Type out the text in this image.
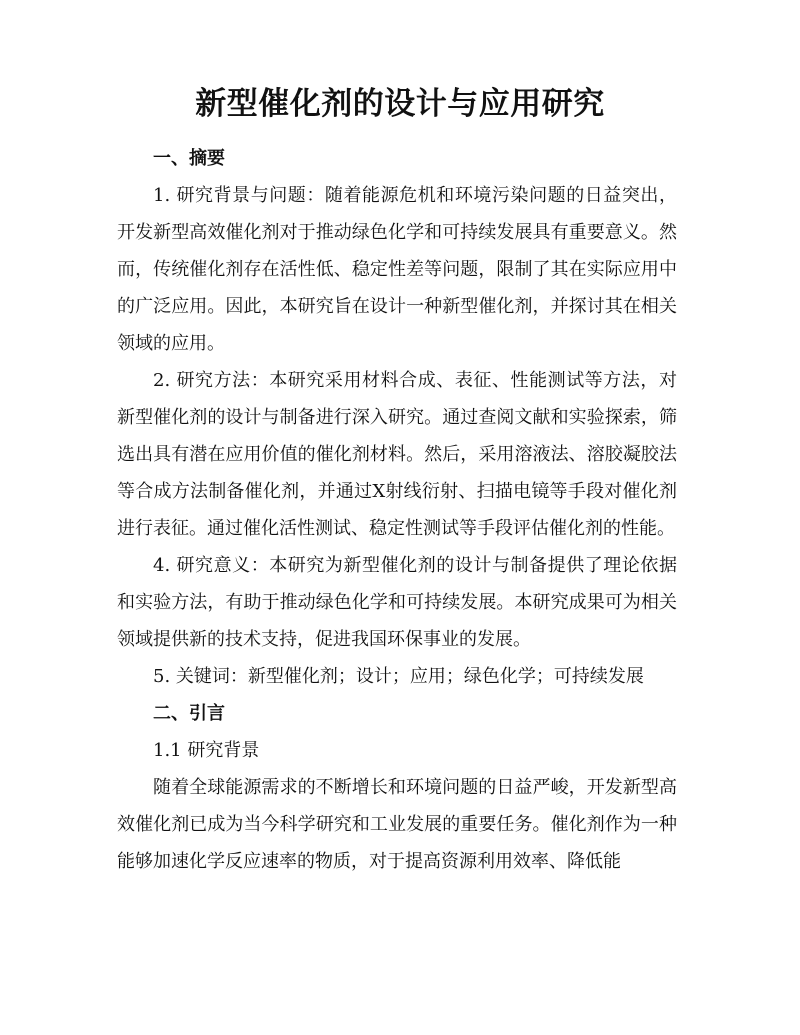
新型催化剂的设计与应用研究

一、摘要

1. 研究背景与问题：随着能源危机和环境污染问题的日益突出，开发新型高效催化剂对于推动绿色化学和可持续发展具有重要意义。然而，传统催化剂存在活性低、稳定性差等问题，限制了其在实际应用中的广泛应用。因此，本研究旨在设计一种新型催化剂，并探讨其在相关领域的应用。

2. 研究方法：本研究采用材料合成、表征、性能测试等方法，对新型催化剂的设计与制备进行深入研究。通过查阅文献和实验探索，筛选出具有潜在应用价值的催化剂材料。然后，采用溶液法、溶胶凝胶法等合成方法制备催化剂，并通过X射线衍射、扫描电镜等手段对催化剂进行表征。通过催化活性测试、稳定性测试等手段评估催化剂的性能。

4. 研究意义：本研究为新型催化剂的设计与制备提供了理论依据和实验方法，有助于推动绿色化学和可持续发展。本研究成果可为相关领域提供新的技术支持，促进我国环保事业的发展。

5. 关键词：新型催化剂；设计；应用；绿色化学；可持续发展

二、引言

1.1 研究背景

随着全球能源需求的不断增长和环境问题的日益严峻，开发新型高效催化剂已成为当今科学研究和工业发展的重要任务。催化剂作为一种能够加速化学反应速率的物质，对于提高资源利用效率、降低能
